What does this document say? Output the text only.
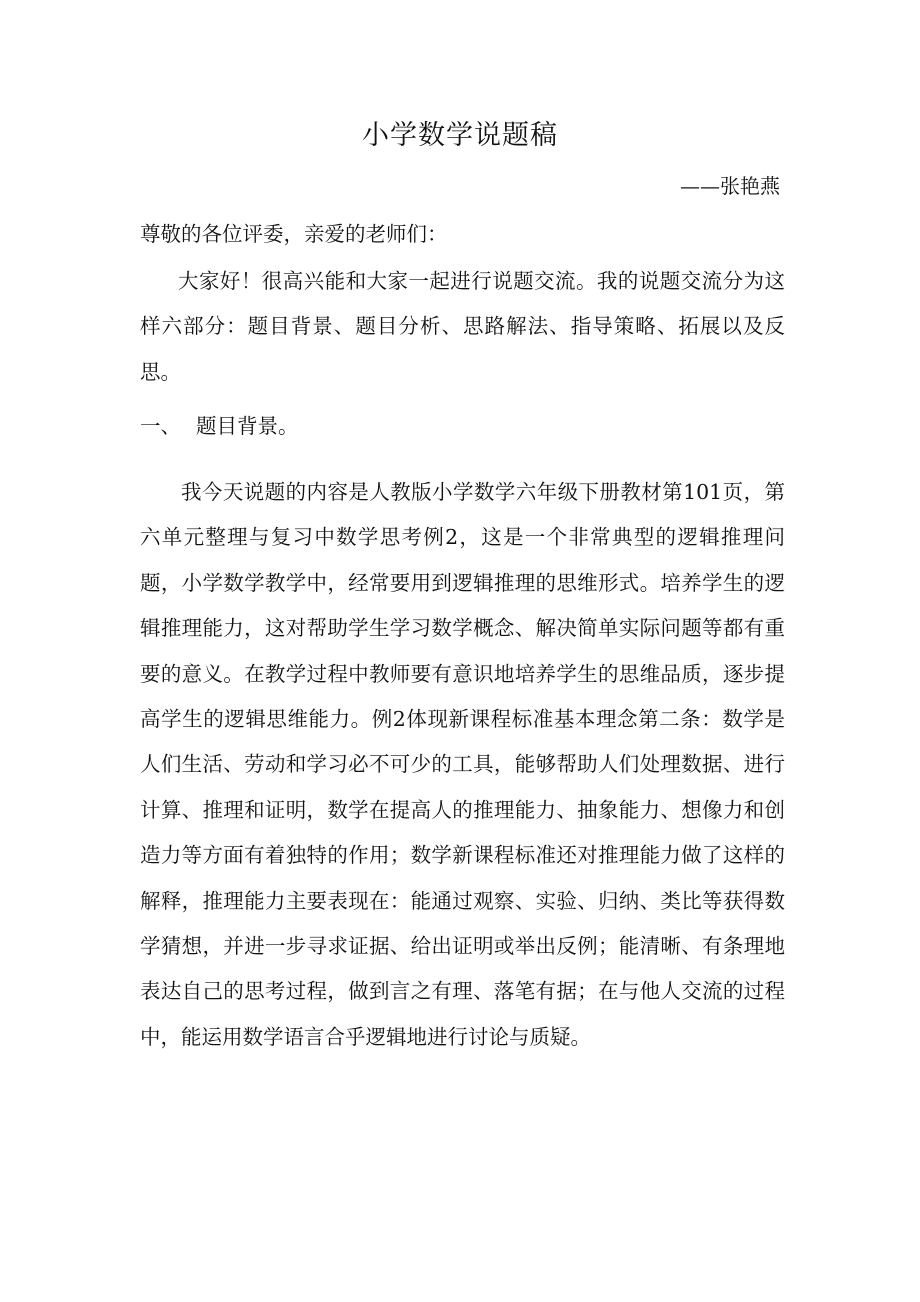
小学数学说题稿
——张艳燕
尊敬的各位评委，亲爱的老师们：
大家好！很高兴能和大家一起进行说题交流。我的说题交流分为这样六部分：题目背景、题目分析、思路解法、指导策略、拓展以及反思。
一、 题目背景。
我今天说题的内容是人教版小学数学六年级下册教材第101页，第六单元整理与复习中数学思考例2，这是一个非常典型的逻辑推理问题，小学数学教学中，经常要用到逻辑推理的思维形式。培养学生的逻辑推理能力，这对帮助学生学习数学概念、解决简单实际问题等都有重要的意义。在教学过程中教师要有意识地培养学生的思维品质，逐步提高学生的逻辑思维能力。例2体现新课程标准基本理念第二条：数学是人们生活、劳动和学习必不可少的工具，能够帮助人们处理数据、进行计算、推理和证明，数学在提高人的推理能力、抽象能力、想像力和创造力等方面有着独特的作用；数学新课程标准还对推理能力做了这样的解释，推理能力主要表现在：能通过观察、实验、归纳、类比等获得数学猜想，并进一步寻求证据、给出证明或举出反例；能清晰、有条理地表达自己的思考过程，做到言之有理、落笔有据；在与他人交流的过程中，能运用数学语言合乎逻辑地进行讨论与质疑。
